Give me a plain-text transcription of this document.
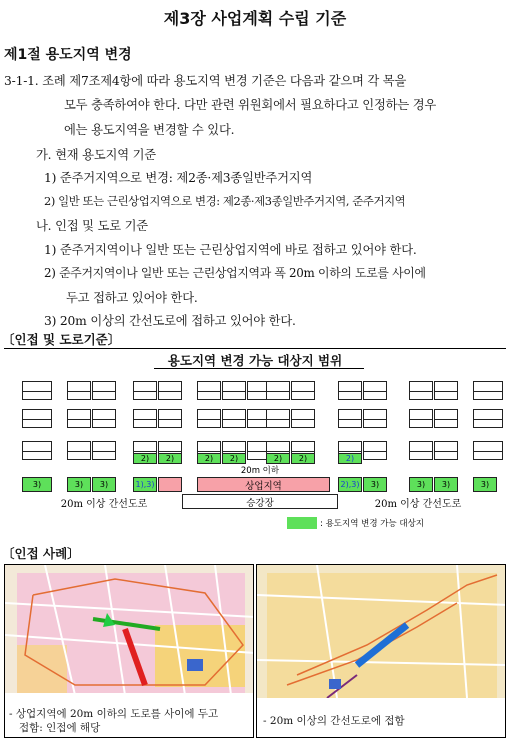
제3장 사업계획 수립 기준
제1절 용도지역 변경
3-1-1. 조례 제7조제4항에 따라 용도지역 변경 기준은 다음과 같으며 각 목을
모두 충족하여야 한다. 다만 관련 위원회에서 필요하다고 인정하는 경우
에는 용도지역을 변경할 수 있다.
가. 현재 용도지역 기준
1) 준주거지역으로 변경: 제2종·제3종일반주거지역
2) 일반 또는 근린상업지역으로 변경: 제2종·제3종일반주거지역, 준주거지역
나. 인접 및 도로 기준
1) 준주거지역이나 일반 또는 근린상업지역에 바로 접하고 있어야 한다.
2) 준주거지역이나 일반 또는 근린상업지역과 폭 20m 이하의 도로를 사이에
두고 접하고 있어야 한다.
3) 20m 이상의 간선도로에 접하고 있어야 한다.
〔인접 및 도로기준〕
용도지역 변경 가능 대상지 범위
상업지역
20m 이하
2)	2)	2)	2)	2)	2)	2)
3)	3)	3)	1),3)	2),3)	3)	3)	3)	3)
20m 이상 간선도로	승강장	20m 이상 간선도로
: 용도지역 변경 가능 대상지
〔인접 사례〕
- 상업지역에 20m 이하의 도로를 사이에 두고
접함: 인접에 해당
- 20m 이상의 간선도로에 접함
